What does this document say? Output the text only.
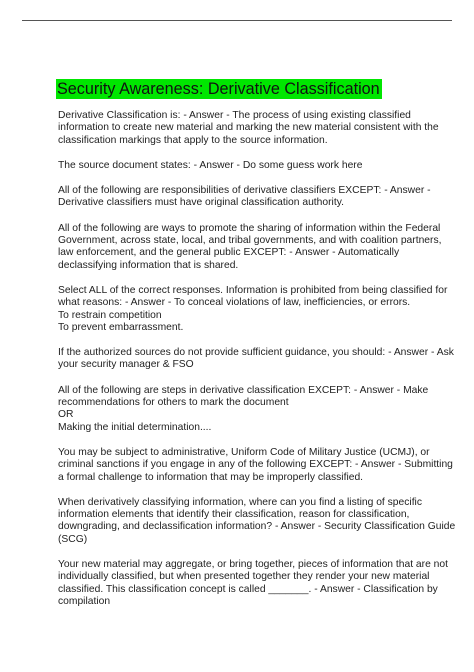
Security Awareness: Derivative Classification
Derivative Classification is: - Answer - The process of using existing classified
information to create new material and marking the new material consistent with the
classification markings that apply to the source information.
The source document states: - Answer - Do some guess work here
All of the following are responsibilities of derivative classifiers EXCEPT: - Answer -
Derivative classifiers must have original classification authority.
All of the following are ways to promote the sharing of information within the Federal
Government, across state, local, and tribal governments, and with coalition partners,
law enforcement, and the general public EXCEPT: - Answer - Automatically
declassifying information that is shared.
Select ALL of the correct responses. Information is prohibited from being classified for
what reasons: - Answer - To conceal violations of law, inefficiencies, or errors.
To restrain competition
To prevent embarrassment.
If the authorized sources do not provide sufficient guidance, you should: - Answer - Ask
your security manager & FSO
All of the following are steps in derivative classification EXCEPT: - Answer - Make
recommendations for others to mark the document
OR
Making the initial determination....
You may be subject to administrative, Uniform Code of Military Justice (UCMJ), or
criminal sanctions if you engage in any of the following EXCEPT: - Answer - Submitting
a formal challenge to information that may be improperly classified.
When derivatively classifying information, where can you find a listing of specific
information elements that identify their classification, reason for classification,
downgrading, and declassification information? - Answer - Security Classification Guide
(SCG)
Your new material may aggregate, or bring together, pieces of information that are not
individually classified, but when presented together they render your new material
classified. This classification concept is called _______. - Answer - Classification by
compilation
